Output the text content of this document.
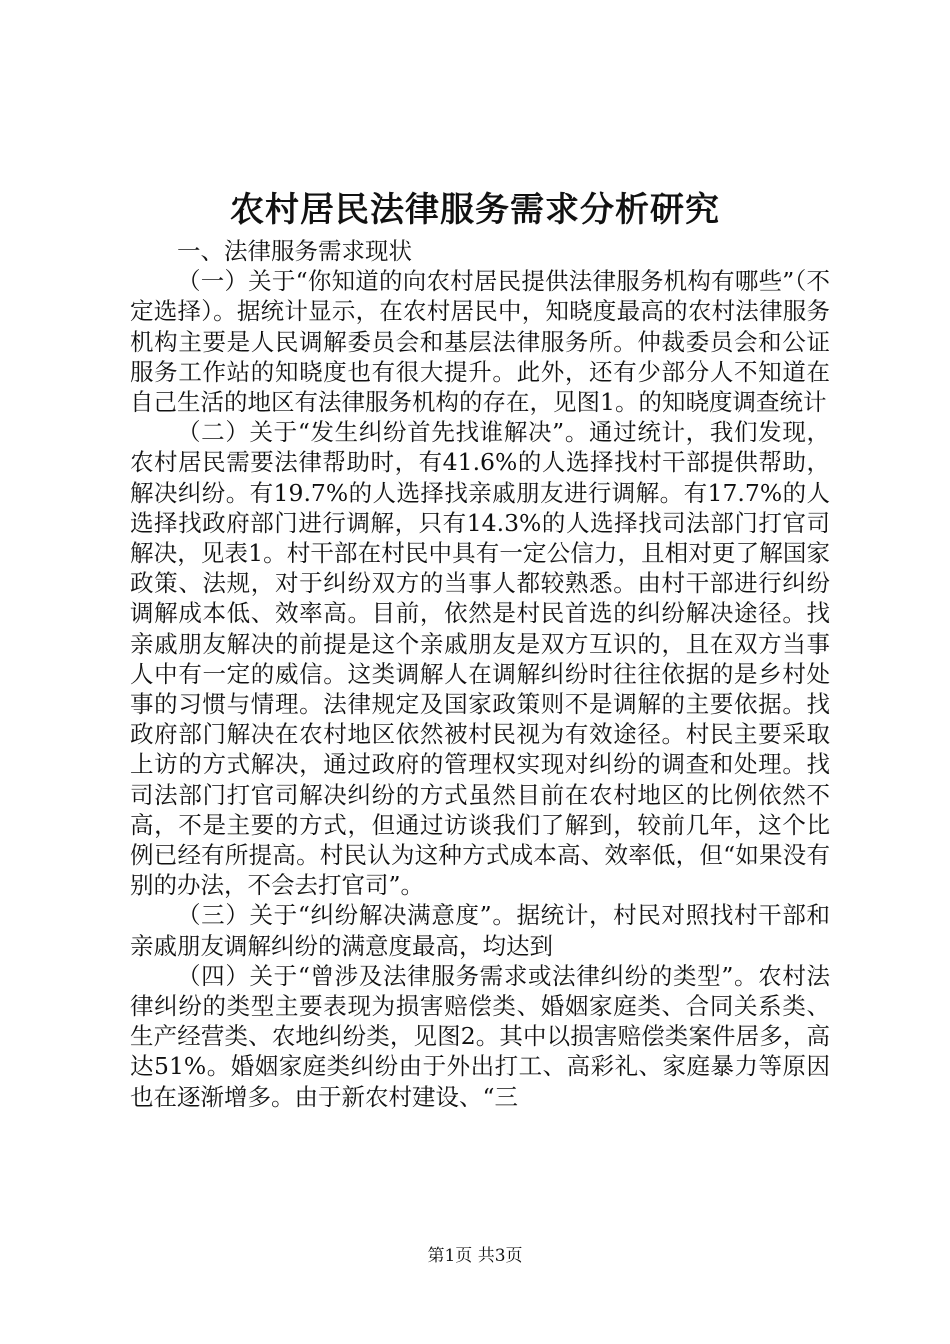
农村居民法律服务需求分析研究

一、法律服务需求现状

（一）关于“你知道的向农村居民提供法律服务机构有哪些”（不定选择）。据统计显示，在农村居民中，知晓度最高的农村法律服务机构主要是人民调解委员会和基层法律服务所。仲裁委员会和公证服务工作站的知晓度也有很大提升。此外，还有少部分人不知道在自己生活的地区有法律服务机构的存在，见图1。的知晓度调查统计

（二）关于“发生纠纷首先找谁解决”。通过统计，我们发现，农村居民需要法律帮助时，有41.6%的人选择找村干部提供帮助，解决纠纷。有19.7%的人选择找亲戚朋友进行调解。有17.7%的人选择找政府部门进行调解，只有14.3%的人选择找司法部门打官司解决，见表1。村干部在村民中具有一定公信力，且相对更了解国家政策、法规，对于纠纷双方的当事人都较熟悉。由村干部进行纠纷调解成本低、效率高。目前，依然是村民首选的纠纷解决途径。找亲戚朋友解决的前提是这个亲戚朋友是双方互识的，且在双方当事人中有一定的威信。这类调解人在调解纠纷时往往依据的是乡村处事的习惯与情理。法律规定及国家政策则不是调解的主要依据。找政府部门解决在农村地区依然被村民视为有效途径。村民主要采取上访的方式解决，通过政府的管理权实现对纠纷的调查和处理。找司法部门打官司解决纠纷的方式虽然目前在农村地区的比例依然不高，不是主要的方式，但通过访谈我们了解到，较前几年，这个比例已经有所提高。村民认为这种方式成本高、效率低，但“如果没有别的办法，不会去打官司”。

（三）关于“纠纷解决满意度”。据统计，村民对照找村干部和亲戚朋友调解纠纷的满意度最高，均达到

（四）关于“曾涉及法律服务需求或法律纠纷的类型”。农村法律纠纷的类型主要表现为损害赔偿类、婚姻家庭类、合同关系类、生产经营类、农地纠纷类，见图2。其中以损害赔偿类案件居多，高达51%。婚姻家庭类纠纷由于外出打工、高彩礼、家庭暴力等原因也在逐渐增多。由于新农村建设、“三

第1页 共3页
